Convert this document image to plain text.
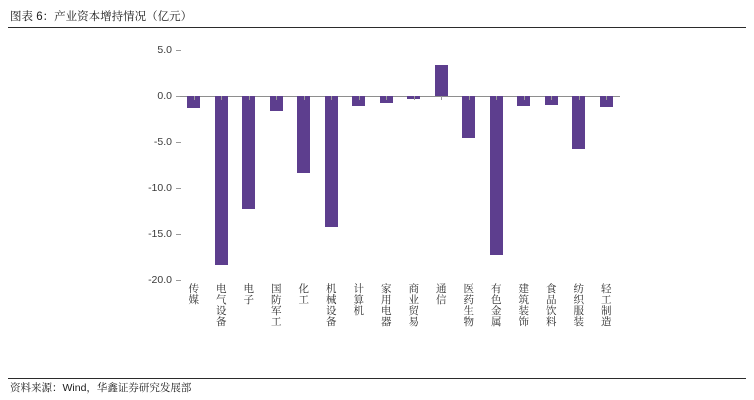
图表 6：产业资本增持情况（亿元）
5.0
0.0
-5.0
-10.0
-15.0
-20.0
传媒
电气设备
电子
国防军工
化工
机械设备
计算机
家用电器
商业贸易
通信
医药生物
有色金属
建筑装饰
食品饮料
纺织服装
轻工制造
资料来源：Wind，华鑫证券研究发展部
